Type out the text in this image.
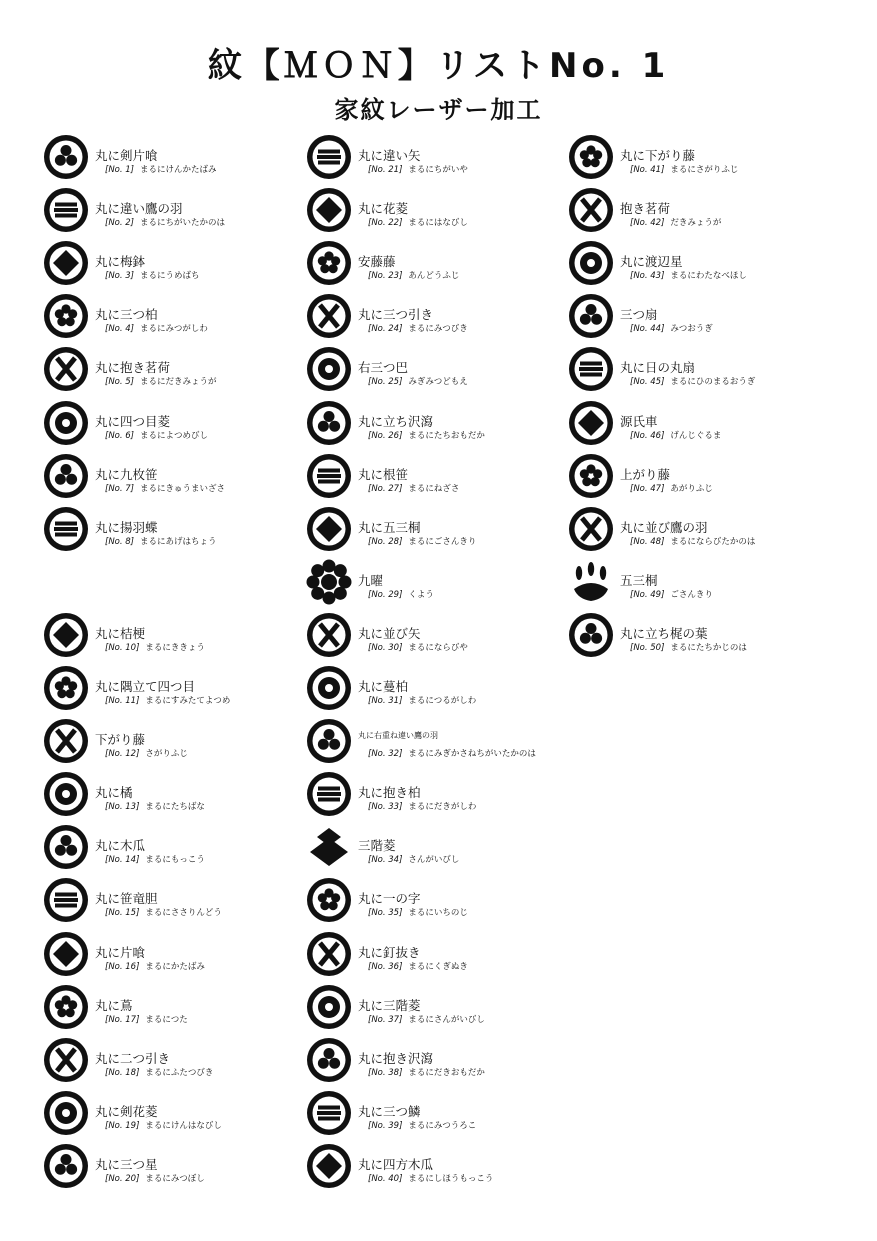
紋【ＭＯＮ】リストNo. 1
家紋レーザー加工
丸に剣片喰
[No. 1] まるにけんかたばみ
丸に違い鷹の羽
[No. 2] まるにちがいたかのは
丸に梅鉢
[No. 3] まるにうめばち
丸に三つ柏
[No. 4] まるにみつがしわ
丸に抱き茗荷
[No. 5] まるにだきみょうが
丸に四つ目菱
[No. 6] まるによつめびし
丸に九枚笹
[No. 7] まるにきゅうまいざさ
丸に揚羽蝶
[No. 8] まるにあげはちょう
丸に桔梗
[No. 10] まるにききょう
丸に隅立て四つ目
[No. 11] まるにすみたてよつめ
下がり藤
[No. 12] さがりふじ
丸に橘
[No. 13] まるにたちばな
丸に木瓜
[No. 14] まるにもっこう
丸に笹竜胆
[No. 15] まるにささりんどう
丸に片喰
[No. 16] まるにかたばみ
丸に蔦
[No. 17] まるにつた
丸に二つ引き
[No. 18] まるにふたつびき
丸に剣花菱
[No. 19] まるにけんはなびし
丸に三つ星
[No. 20] まるにみつぼし
丸に違い矢
[No. 21] まるにちがいや
丸に花菱
[No. 22] まるにはなびし
安藤藤
[No. 23] あんどうふじ
丸に三つ引き
[No. 24] まるにみつびき
右三つ巴
[No. 25] みぎみつどもえ
丸に立ち沢瀉
[No. 26] まるにたちおもだか
丸に根笹
[No. 27] まるにねざさ
丸に五三桐
[No. 28] まるにごさんきり
九曜
[No. 29] くよう
丸に並び矢
[No. 30] まるにならびや
丸に蔓柏
[No. 31] まるにつるがしわ
丸に右重ね違い鷹の羽
[No. 32] まるにみぎかさねちがいたかのは
丸に抱き柏
[No. 33] まるにだきがしわ
三階菱
[No. 34] さんがいびし
丸に一の字
[No. 35] まるにいちのじ
丸に釘抜き
[No. 36] まるにくぎぬき
丸に三階菱
[No. 37] まるにさんがいびし
丸に抱き沢瀉
[No. 38] まるにだきおもだか
丸に三つ鱗
[No. 39] まるにみつうろこ
丸に四方木瓜
[No. 40] まるにしほうもっこう
丸に下がり藤
[No. 41] まるにさがりふじ
抱き茗荷
[No. 42] だきみょうが
丸に渡辺星
[No. 43] まるにわたなべほし
三つ扇
[No. 44] みつおうぎ
丸に日の丸扇
[No. 45] まるにひのまるおうぎ
源氏車
[No. 46] げんじぐるま
上がり藤
[No. 47] あがりふじ
丸に並び鷹の羽
[No. 48] まるにならびたかのは
五三桐
[No. 49] ごさんきり
丸に立ち梶の葉
[No. 50] まるにたちかじのは
